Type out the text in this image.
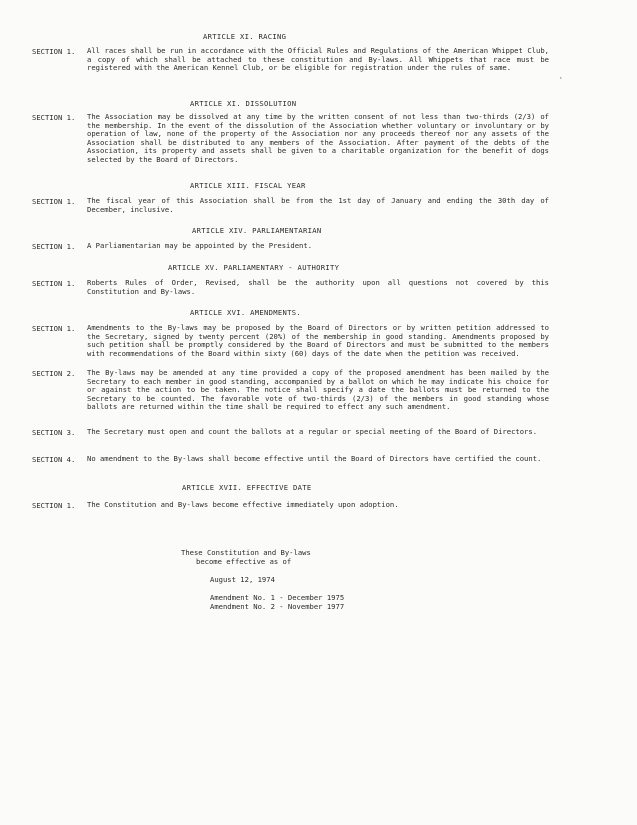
ARTICLE XI. RACING
SECTION 1. All races shall be run in accordance with the Official Rules and Regulations of the American Whippet Club, a copy of which shall be attached to these constitution and By-laws. All Whippets that race must be registered with the American Kennel Club, or be eligible for registration under the rules of same.
'
ARTICLE XI. DISSOLUTION
SECTION 1. The Association may be dissolved at any time by the written consent of not less than two-thirds (2/3) of the membership. In the event of the dissolution of the Association whether voluntary or involuntary or by operation of law, none of the property of the Association nor any proceeds thereof nor any assets of the Association shall be distributed to any members of the Association. After payment of the debts of the Association, its property and assets shall be given to a charitable organization for the benefit of dogs selected by the Board of Directors.
ARTICLE XIII. FISCAL YEAR
SECTION 1. The fiscal year of this Association shall be from the 1st day of January and ending the 30th day of December, inclusive.
ARTICLE XIV. PARLIAMENTARIAN
SECTION 1. A Parliamentarian may be appointed by the President.
ARTICLE XV. PARLIAMENTARY - AUTHORITY
SECTION 1. Roberts Rules of Order, Revised, shall be the authority upon all questions not covered by this Constitution and By-laws.
ARTICLE XVI. AMENDMENTS.
SECTION 1. Amendments to the By-laws may be proposed by the Board of Directors or by written petition addressed to the Secretary, signed by twenty percent (20%) of the membership in good standing. Amendments proposed by such petition shall be promptly considered by the Board of Directors and must be submitted to the members with recommendations of the Board within sixty (60) days of the date when the petition was received.
SECTION 2. The By-laws may be amended at any time provided a copy of the proposed amendment has been mailed by the Secretary to each member in good standing, accompanied by a ballot on which he may indicate his choice for or against the action to be taken. The notice shall specify a date the ballots must be returned to the Secretary to be counted. The favorable vote of two-thirds (2/3) of the members in good standing whose ballots are returned within the time shall be required to effect any such amendment.
SECTION 3. The Secretary must open and count the ballots at a regular or special meeting of the Board of Directors.
SECTION 4. No amendment to the By-laws shall become effective until the Board of Directors have certified the count.
ARTICLE XVII. EFFECTIVE DATE
SECTION 1. The Constitution and By-laws become effective immediately upon adoption.
These Constitution and By-laws
become effective as of
August 12, 1974
Amendment No. 1 - December 1975
Amendment No. 2 - November 1977
